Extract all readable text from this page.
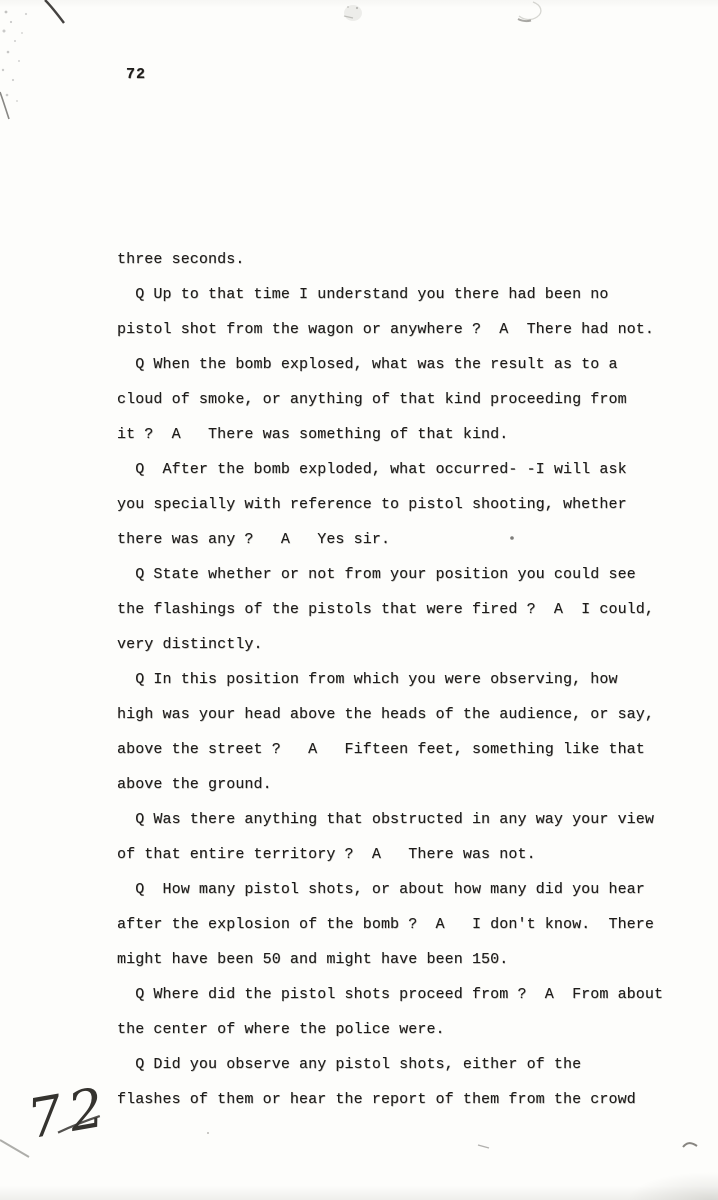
72
72
three seconds.
Q Up to that time I understand you there had been no
pistol shot from the wagon or anywhere ?  A  There had not.
Q When the bomb explosed, what was the result as to a
cloud of smoke, or anything of that kind proceeding from
it ?  A   There was something of that kind.
Q  After the bomb exploded, what occurred- -I will ask
you specially with reference to pistol shooting, whether
there was any ?   A   Yes sir.
Q State whether or not from your position you could see
the flashings of the pistols that were fired ?  A  I could,
very distinctly.
Q In this position from which you were observing, how
high was your head above the heads of the audience, or say,
above the street ?   A   Fifteen feet, something like that
above the ground.
Q Was there anything that obstructed in any way your view
of that entire territory ?  A   There was not.
Q  How many pistol shots, or about how many did you hear
after the explosion of the bomb ?  A   I don't know.  There
might have been 50 and might have been 150.
Q Where did the pistol shots proceed from ?  A  From about
the center of where the police were.
Q Did you observe any pistol shots, either of the
flashes of them or hear the report of them from the crowd
